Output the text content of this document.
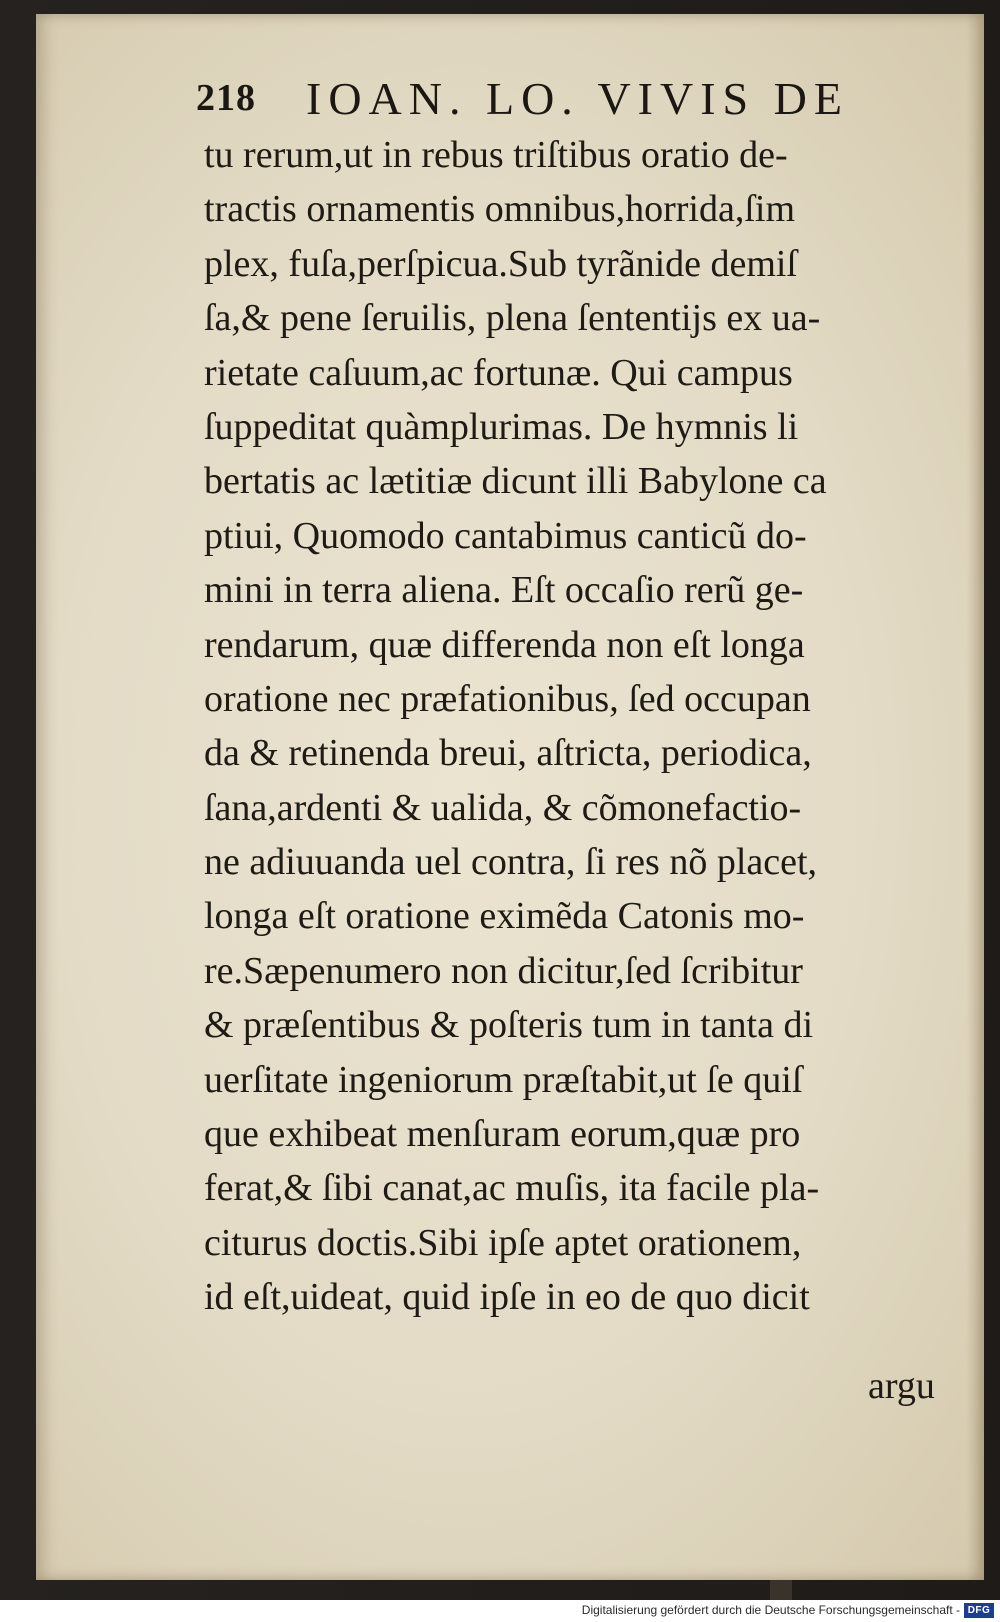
218 IOAN. LO. VIVIS DE
tu rerum,ut in rebus triſtibus oratio de-
tractis ornamentis omnibus,horrida,ſim
plex, fuſa,perſpicua.Sub tyrãnide demiſ
ſa,& pene ſeruilis, plena ſententijs ex ua-
rietate caſuum,ac fortunæ. Qui campus
ſuppeditat quàmplurimas. De hymnis li
bertatis ac lætitiæ dicunt illi Babylone ca
ptiui, Quomodo cantabimus canticũ do-
mini in terra aliena. Eſt occaſio rerũ ge-
rendarum, quæ differenda non eſt longa
oratione nec præfationibus, ſed occupan
da & retinenda breui, aſtricta, periodica,
ſana,ardenti & ualida, & cõmonefactio-
ne adiuuanda uel contra, ſi res nõ placet,
longa eſt oratione eximẽda Catonis mo-
re.Sæpenumero non dicitur,ſed ſcribitur
& præſentibus & poſteris tum in tanta di
uerſitate ingeniorum præſtabit,ut ſe quiſ
que exhibeat menſuram eorum,quæ pro
ferat,& ſibi canat,ac muſis, ita facile pla-
citurus doctis.Sibi ipſe aptet orationem,
id eſt,uideat, quid ipſe in eo de quo dicit
argu
Digitalisierung gefördert durch die Deutsche Forschungsgemeinschaft - DFG
